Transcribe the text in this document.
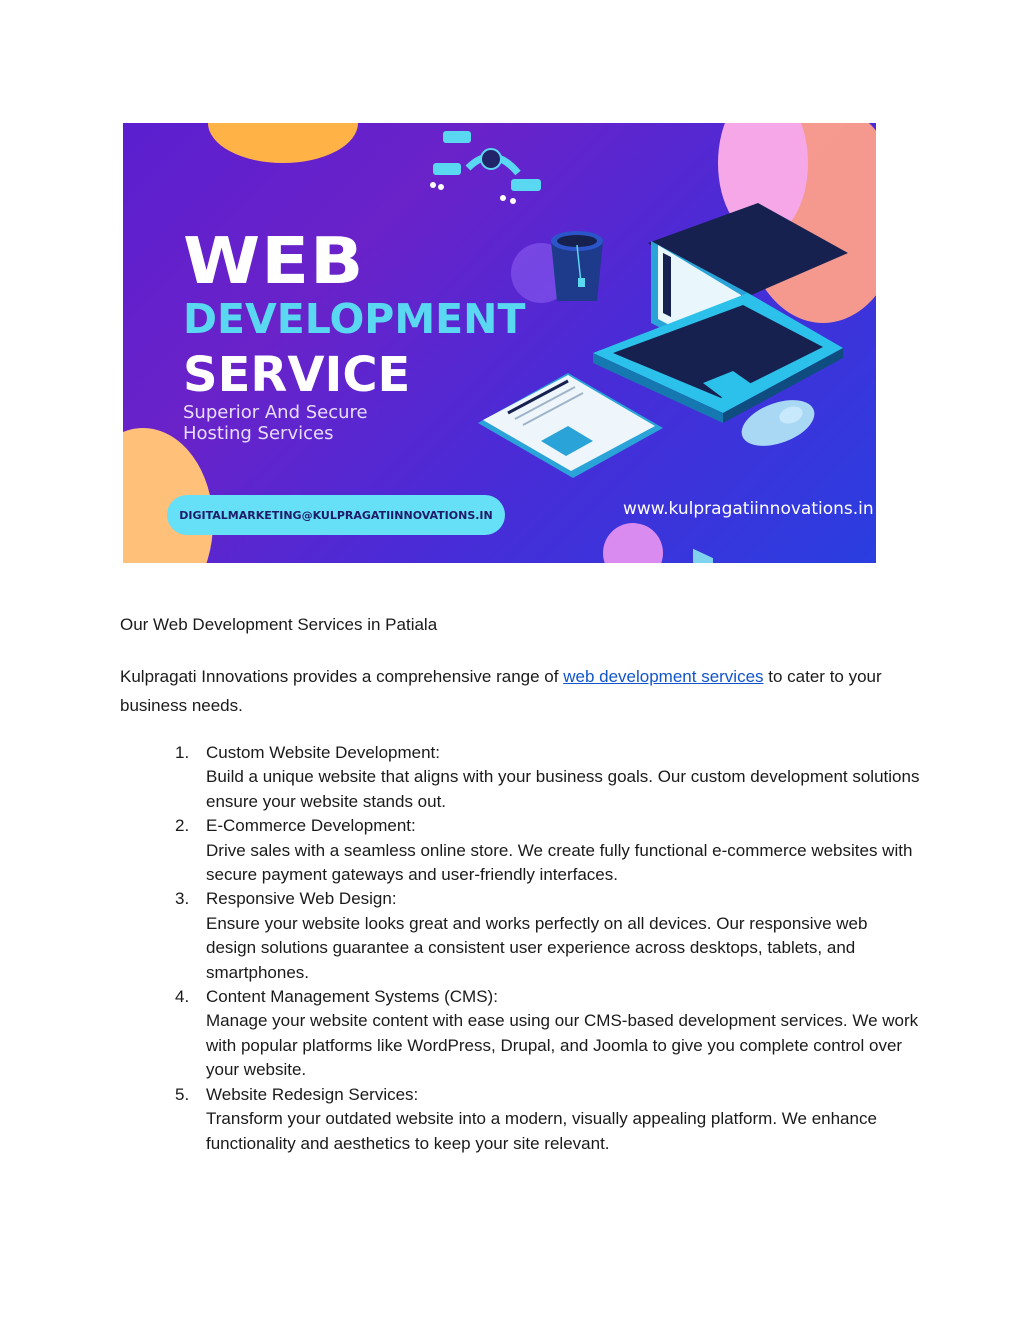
WEB
DEVELOPMENT
SERVICE
Superior And Secure
Hosting Services
DIGITALMARKETING@KULPRAGATIINNOVATIONS.IN	www.kulpragatiinnovations.in
Our Web Development Services in Patiala
Kulpragati Innovations provides a comprehensive range of web development services to cater to your business needs.
1. Custom Website Development:
Build a unique website that aligns with your business goals. Our custom development solutions ensure your website stands out.
2. E-Commerce Development:
Drive sales with a seamless online store. We create fully functional e-commerce websites with secure payment gateways and user-friendly interfaces.
3. Responsive Web Design:
Ensure your website looks great and works perfectly on all devices. Our responsive web design solutions guarantee a consistent user experience across desktops, tablets, and smartphones.
4. Content Management Systems (CMS):
Manage your website content with ease using our CMS-based development services. We work with popular platforms like WordPress, Drupal, and Joomla to give you complete control over your website.
5. Website Redesign Services:
Transform your outdated website into a modern, visually appealing platform. We enhance functionality and aesthetics to keep your site relevant.
